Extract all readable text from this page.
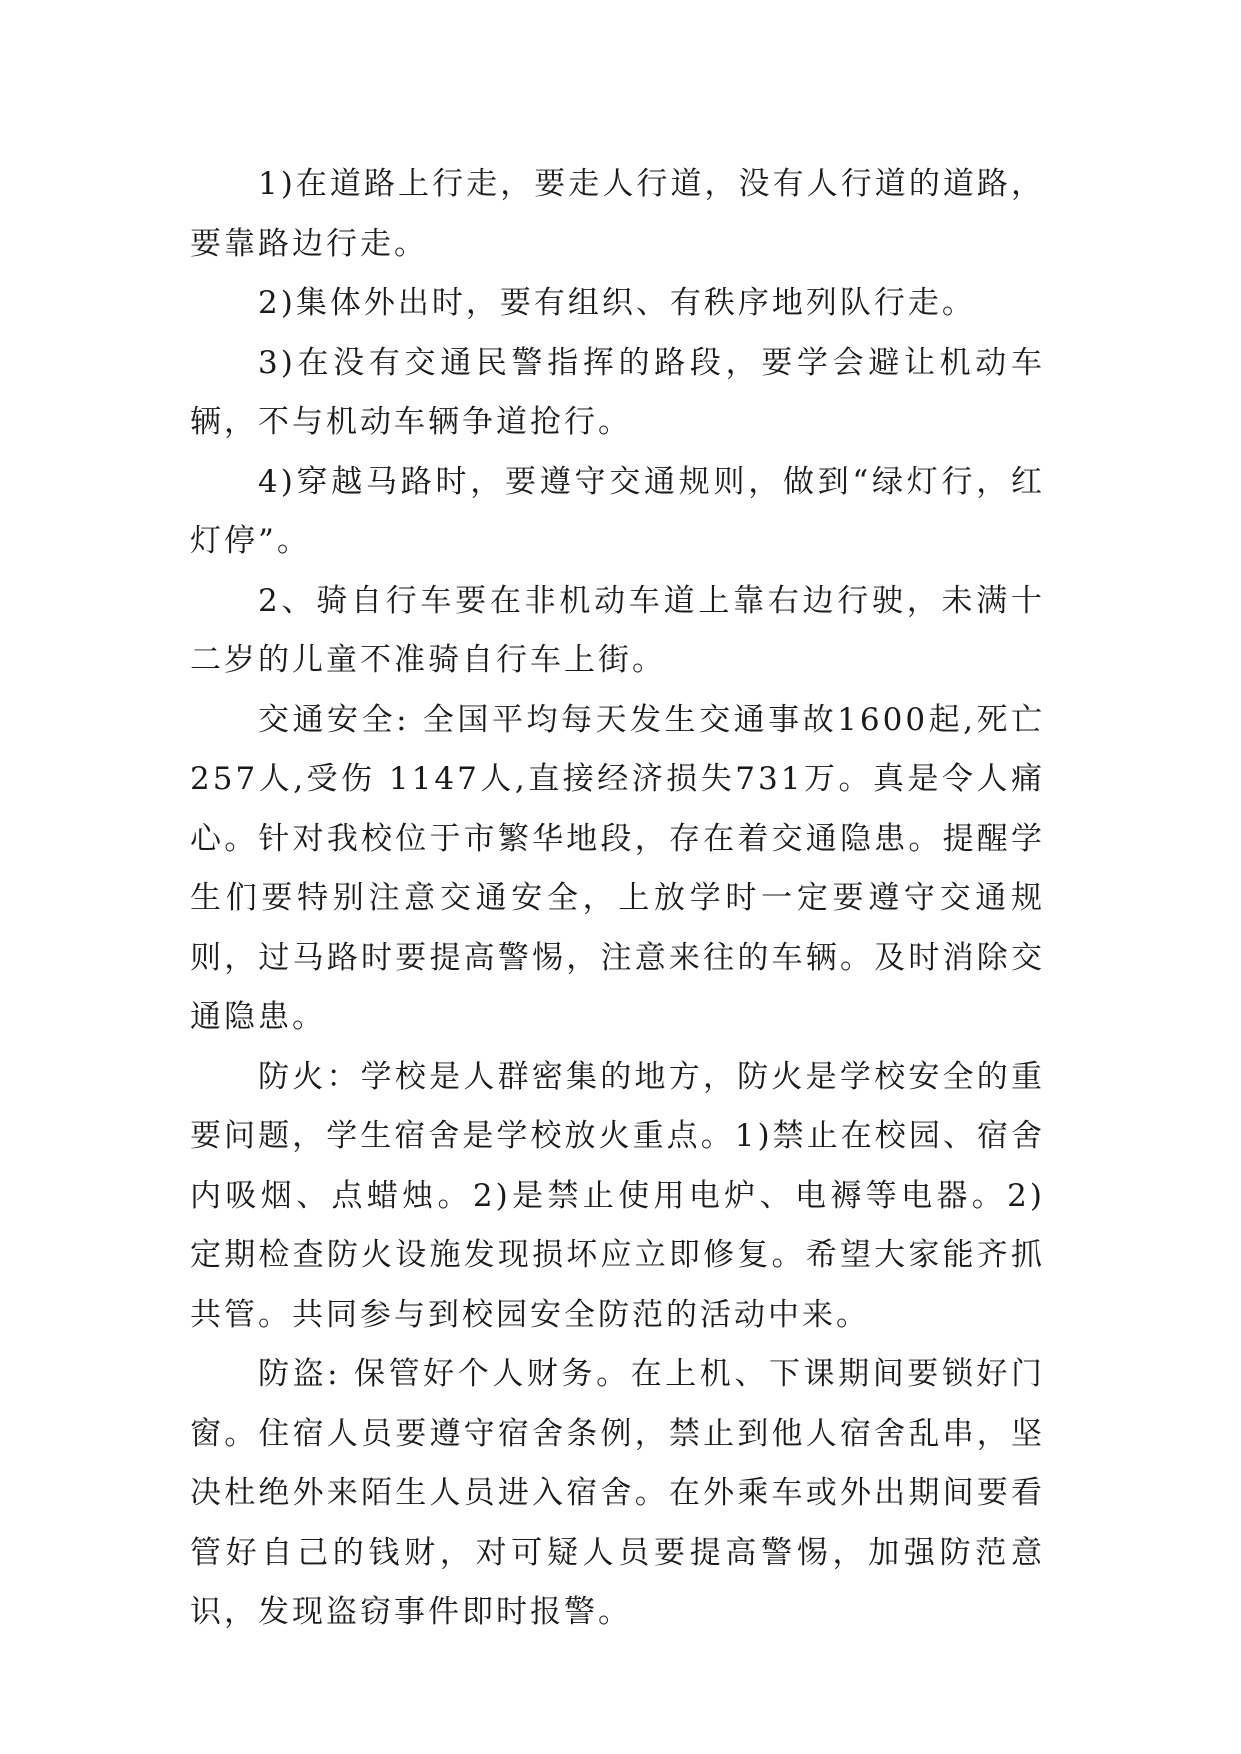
1)在道路上行走，要走人行道，没有人行道的道路，要靠路边行走。

2)集体外出时，要有组织、有秩序地列队行走。

3)在没有交通民警指挥的路段，要学会避让机动车辆，不与机动车辆争道抢行。

4)穿越马路时，要遵守交通规则，做到“绿灯行，红灯停”。

2、骑自行车要在非机动车道上靠右边行驶，未满十二岁的儿童不准骑自行车上街。

交通安全: 全国平均每天发生交通事故1600起,死亡257人,受伤 1147人,直接经济损失731万。真是令人痛心。针对我校位于市繁华地段，存在着交通隐患。提醒学生们要特别注意交通安全，上放学时一定要遵守交通规则，过马路时要提高警惕，注意来往的车辆。及时消除交通隐患。

防火：学校是人群密集的地方，防火是学校安全的重要问题，学生宿舍是学校放火重点。1)禁止在校园、宿舍内吸烟、点蜡烛。2)是禁止使用电炉、电褥等电器。2)定期检查防火设施发现损坏应立即修复。希望大家能齐抓共管。共同参与到校园安全防范的活动中来。

防盗: 保管好个人财务。在上机、下课期间要锁好门窗。住宿人员要遵守宿舍条例，禁止到他人宿舍乱串，坚决杜绝外来陌生人员进入宿舍。在外乘车或外出期间要看管好自己的钱财，对可疑人员要提高警惕，加强防范意识，发现盗窃事件即时报警。
